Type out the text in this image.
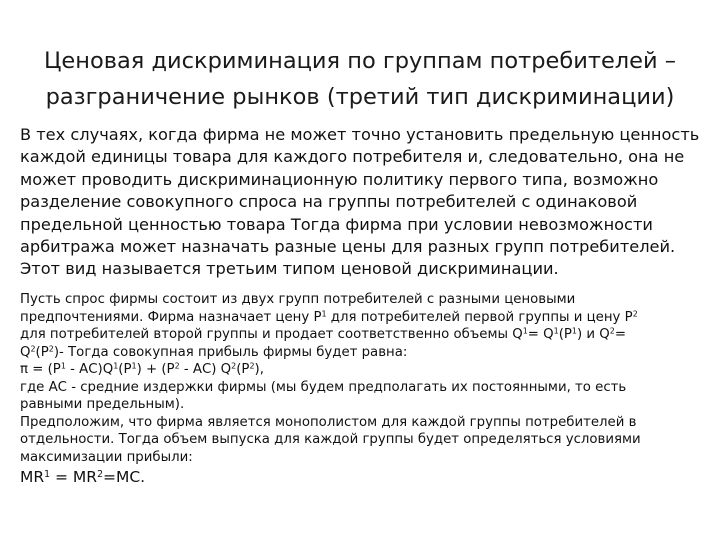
Ценовая дискриминация по группам потребителей –
разграничение рынков (третий тип дискриминации)

В тех случаях, когда фирма не может точно установить предельную ценность
каждой единицы товара для каждого потребителя и, следовательно, она не
может проводить дискриминационную политику первого типа, возможно
разделение совокупного спроса на группы потребителей с одинаковой
предельной ценностью товара Тогда фирма при условии невозможности
арбитража может назначать разные цены для разных групп потребителей.
Этот вид называется третьим типом ценовой дискриминации.

Пусть спрос фирмы состоит из двух групп потребителей с разными ценовыми
предпочтениями. Фирма назначает цену $Р^1$ для потребителей первой группы и цену $Р^2$
для потребителей второй группы и продает соответственно объемы $Q^1= Q^1(Р^1)$ и $Q^2=$
$Q^2(Р^2)-$ Тогда совокупная прибыль фирмы будет равна:
$\pi = (Р^1 - АС)Q^1(Р^1) + (Р^2 - АС)$ $Q^2(Р^2)$,
где АС - средние издержки фирмы (мы будем предполагать их постоянными, то есть
равными предельным).
Предположим, что фирма является монополистом для каждой группы потребителей в
отдельности. Тогда объем выпуска для каждой группы будет определяться условиями
максимизации прибыли:
$MR^1 = MR^2=MC$.
